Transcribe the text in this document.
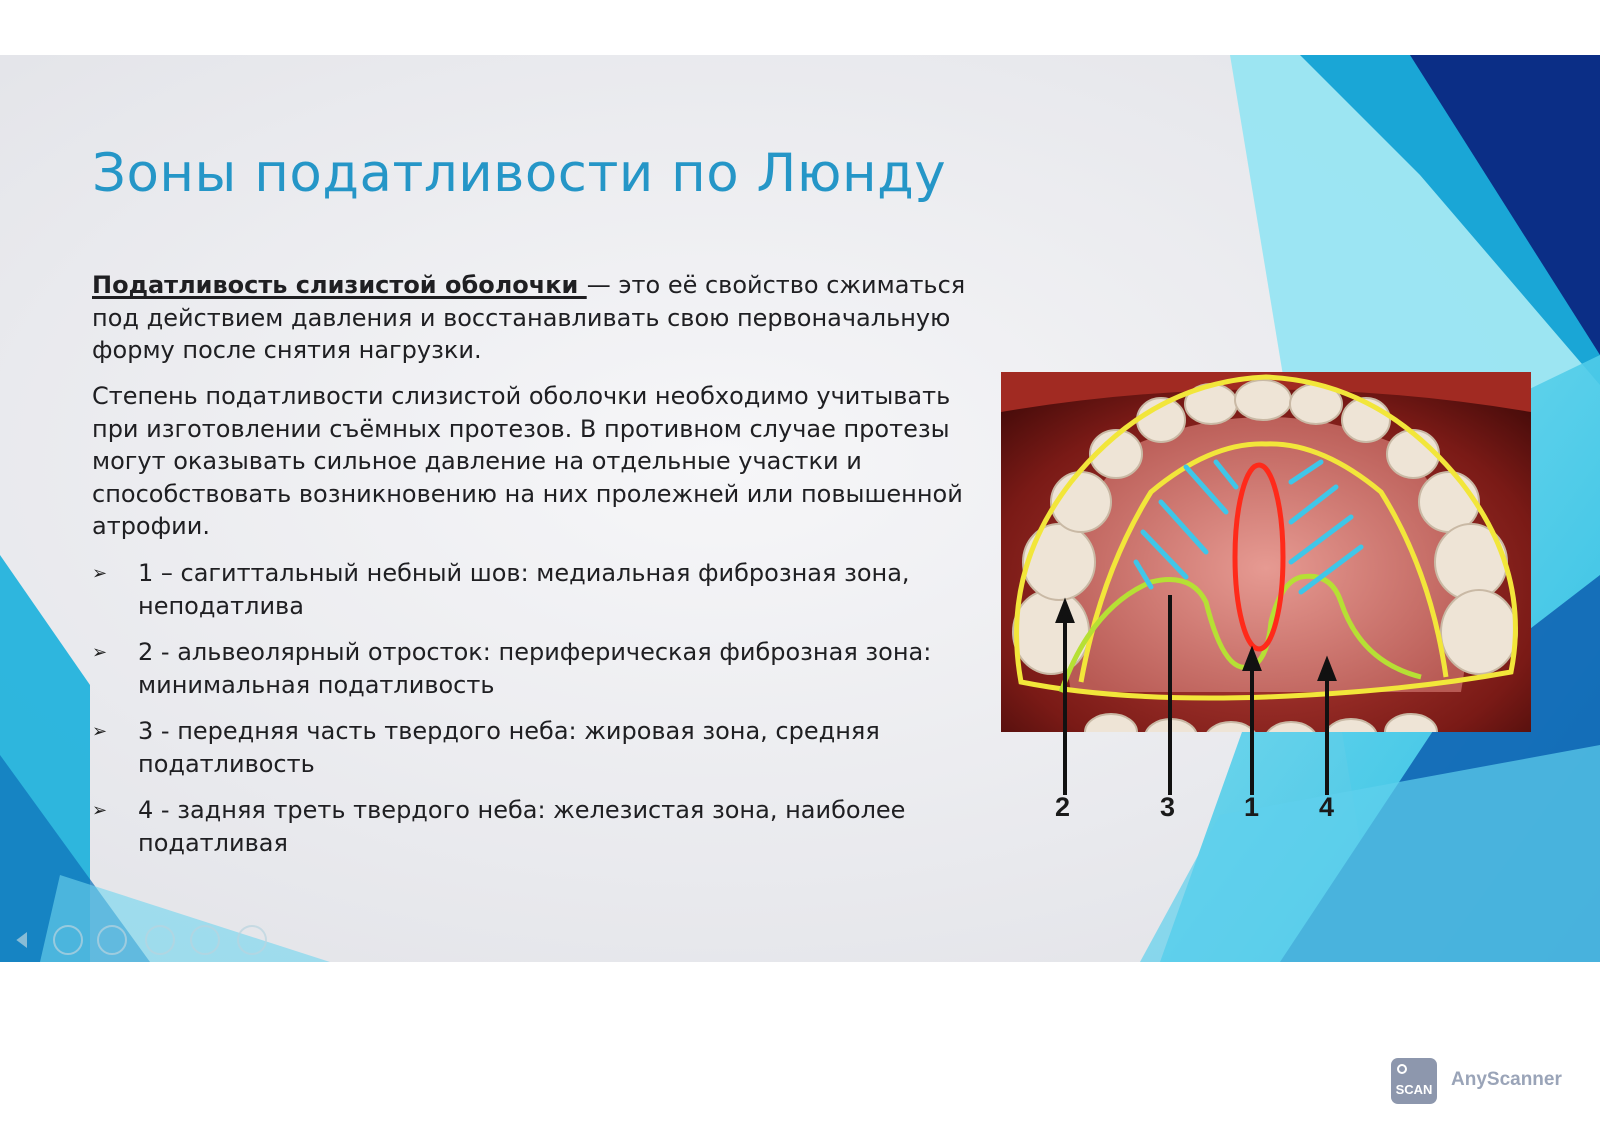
Зоны податливости по Люнду

Податливость слизистой оболочки — это её свойство сжиматься под действием давления и восстанавливать свою первоначальную форму после снятия нагрузки.

Степень податливости слизистой оболочки необходимо учитывать при изготовлении съёмных протезов. В противном случае протезы могут оказывать сильное давление на отдельные участки и способствовать возникновению на них пролежней или повышенной атрофии.

➢ 1 – сагиттальный небный шов: медиальная фиброзная зона, неподатлива
➢ 2 - альвеолярный отросток: периферическая фиброзная зона: минимальная податливость
➢ 3 - передняя часть твердого неба: жировая зона, средняя податливость
➢ 4 - задняя треть твердого неба: железистая зона, наиболее податливая
2	3	1 4
SCAN AnyScanner
